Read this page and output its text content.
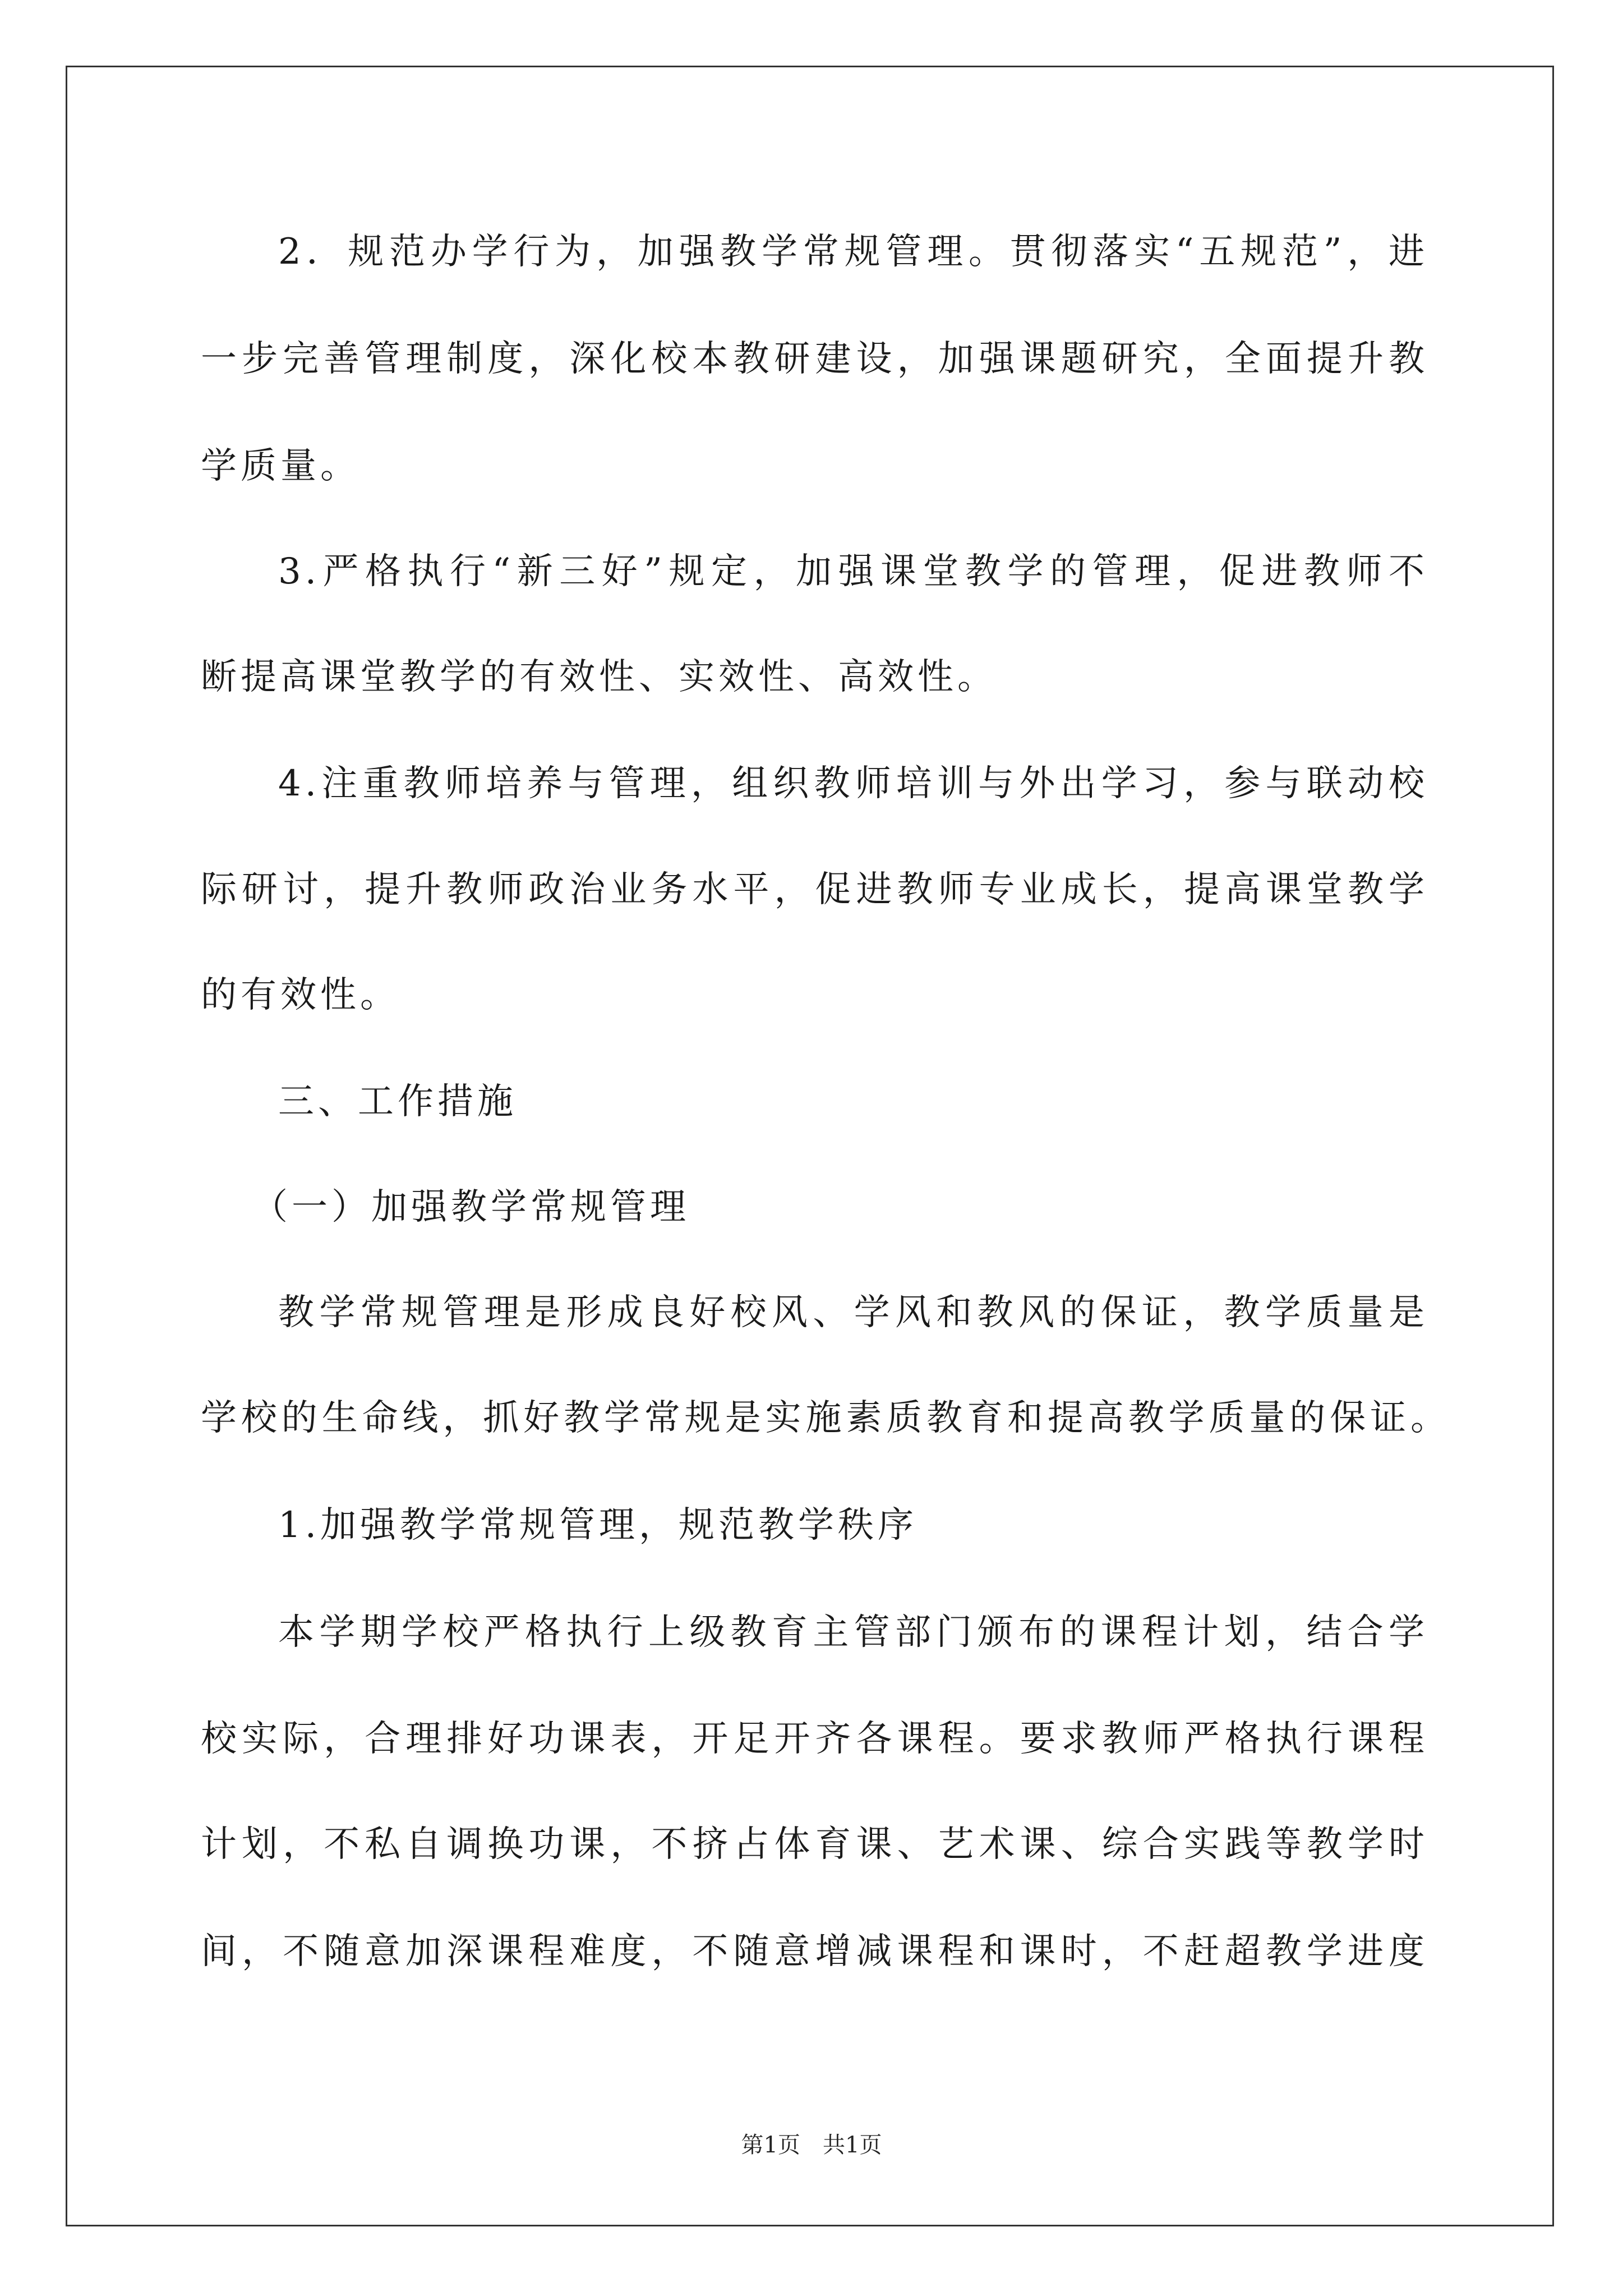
2．规范办学行为，加强教学常规管理。贯彻落实“五规范”，进
一步完善管理制度，深化校本教研建设，加强课题研究，全面提升教
学质量。
3.严格执行“新三好”规定，加强课堂教学的管理，促进教师不
断提高课堂教学的有效性、实效性、高效性。
4.注重教师培养与管理，组织教师培训与外出学习，参与联动校
际研讨，提升教师政治业务水平，促进教师专业成长，提高课堂教学
的有效性。
三、工作措施
（一）加强教学常规管理
教学常规管理是形成良好校风、学风和教风的保证，教学质量是
学校的生命线，抓好教学常规是实施素质教育和提高教学质量的保证。
1.加强教学常规管理，规范教学秩序
本学期学校严格执行上级教育主管部门颁布的课程计划，结合学
校实际，合理排好功课表，开足开齐各课程。要求教师严格执行课程
计划，不私自调换功课，不挤占体育课、艺术课、综合实践等教学时
间，不随意加深课程难度，不随意增减课程和课时，不赶超教学进度
第1页　共1页
